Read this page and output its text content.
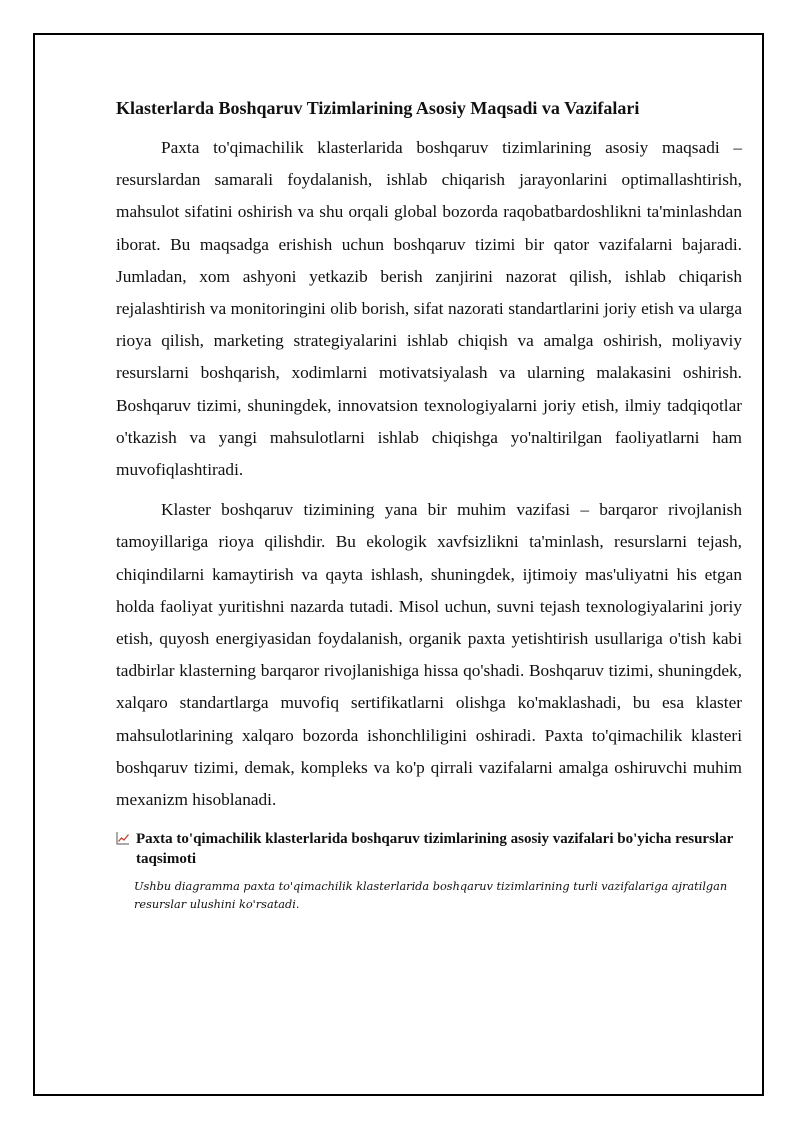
Klasterlarda Boshqaruv Tizimlarining Asosiy Maqsadi va Vazifalari

Paxta to'qimachilik klasterlarida boshqaruv tizimlarining asosiy maqsadi – resurslardan samarali foydalanish, ishlab chiqarish jarayonlarini optimallashtirish, mahsulot sifatini oshirish va shu orqali global bozorda raqobatbardoshlikni ta'minlashdan iborat. Bu maqsadga erishish uchun boshqaruv tizimi bir qator vazifalarni bajaradi. Jumladan, xom ashyoni yetkazib berish zanjirini nazorat qilish, ishlab chiqarish rejalashtirish va monitoringini olib borish, sifat nazorati standartlarini joriy etish va ularga rioya qilish, marketing strategiyalarini ishlab chiqish va amalga oshirish, moliyaviy resurslarni boshqarish, xodimlarni motivatsiyalash va ularning malakasini oshirish. Boshqaruv tizimi, shuningdek, innovatsion texnologiyalarni joriy etish, ilmiy tadqiqotlar o'tkazish va yangi mahsulotlarni ishlab chiqishga yo'naltirilgan faoliyatlarni ham muvofiqlashtiradi.

Klaster boshqaruv tizimining yana bir muhim vazifasi – barqaror rivojlanish tamoyillariga rioya qilishdir. Bu ekologik xavfsizlikni ta'minlash, resurslarni tejash, chiqindilarni kamaytirish va qayta ishlash, shuningdek, ijtimoiy mas'uliyatni his etgan holda faoliyat yuritishni nazarda tutadi. Misol uchun, suvni tejash texnologiyalarini joriy etish, quyosh energiyasidan foydalanish, organik paxta yetishtirish usullariga o'tish kabi tadbirlar klasterning barqaror rivojlanishiga hissa qo'shadi. Boshqaruv tizimi, shuningdek, xalqaro standartlarga muvofiq sertifikatlarni olishga ko'maklashadi, bu esa klaster mahsulotlarining xalqaro bozorda ishonchliligini oshiradi. Paxta to'qimachilik klasteri boshqaruv tizimi, demak, kompleks va ko'p qirrali vazifalarni amalga oshiruvchi muhim mexanizm hisoblanadi.

Paxta to'qimachilik klasterlarida boshqaruv tizimlarining asosiy vazifalari bo'yicha resurslar taqsimoti
Ushbu diagramma paxta to'qimachilik klasterlarida boshqaruv tizimlarining turli vazifalariga ajratilgan resurslar ulushini ko'rsatadi.
